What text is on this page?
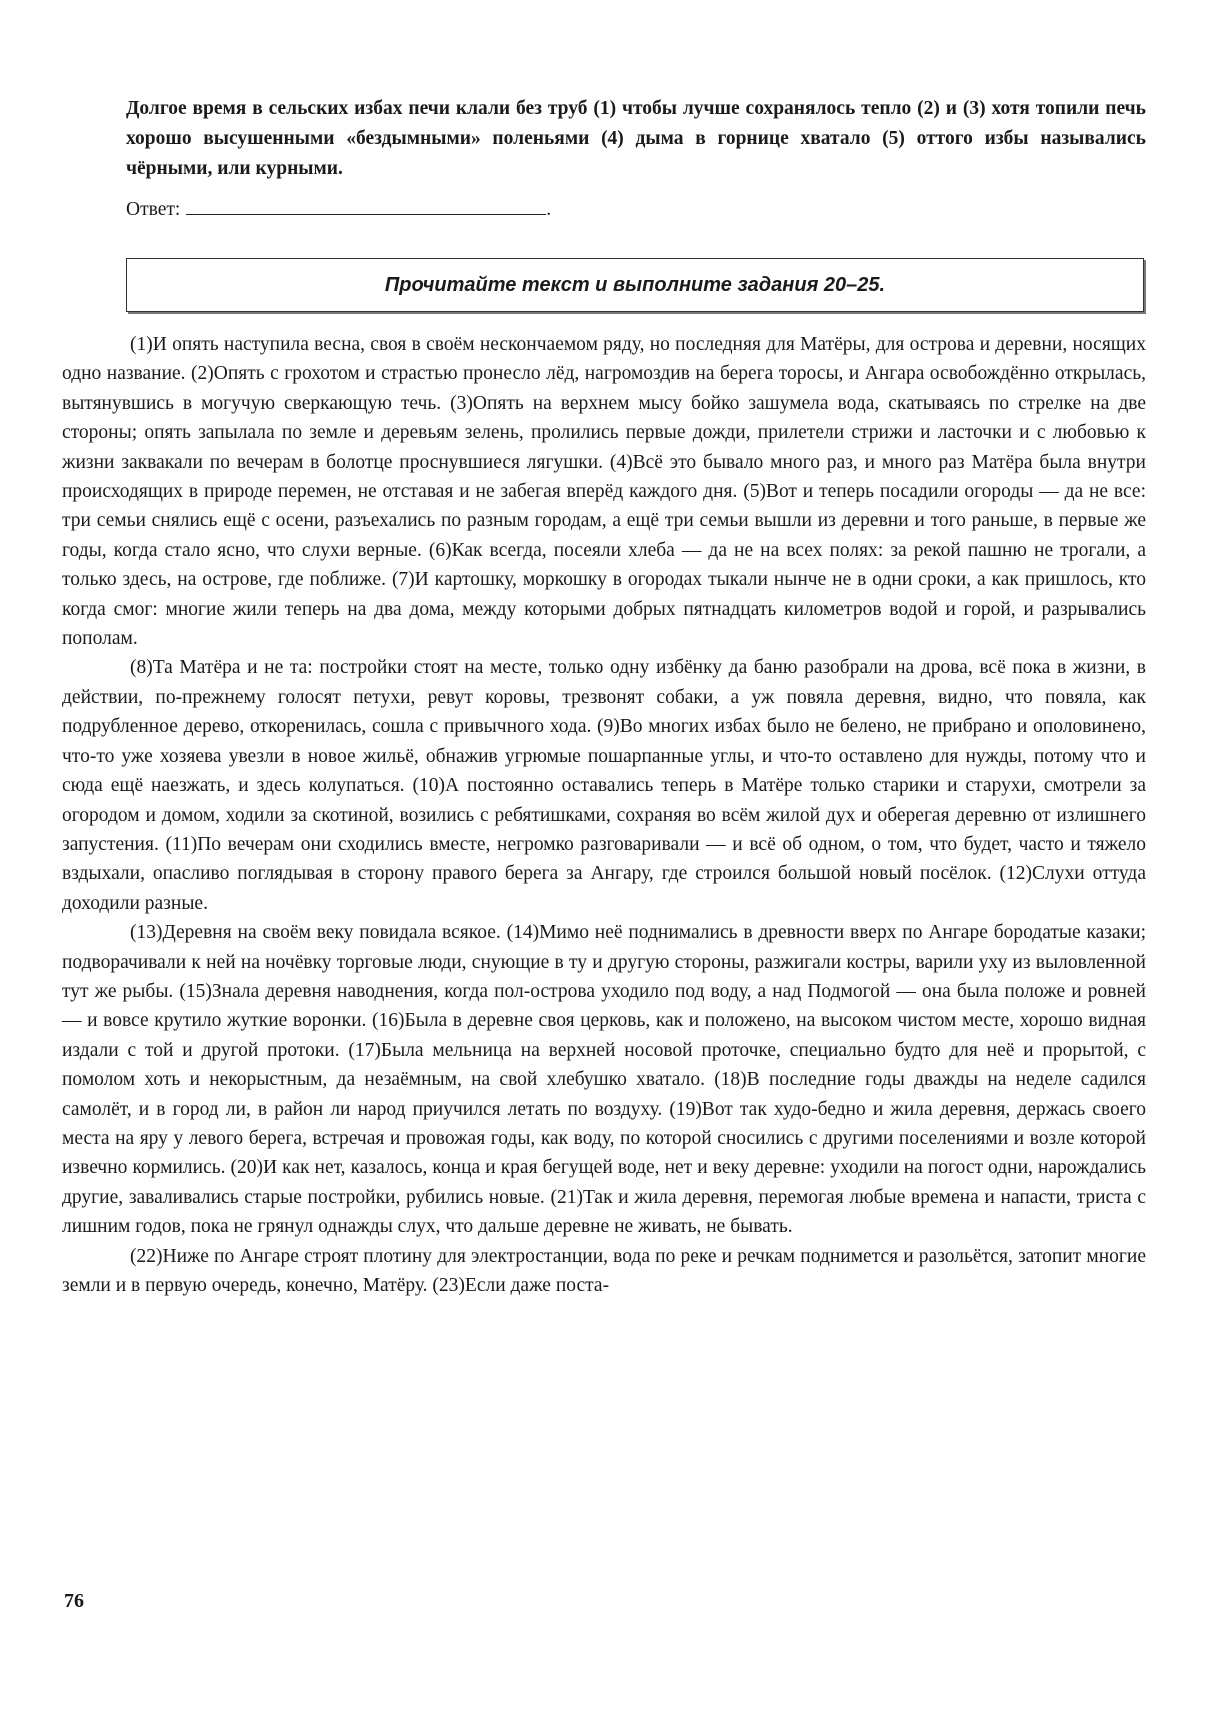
Долгое время в сельских избах печи клали без труб (1) чтобы лучше сохранялось тепло (2) и (3) хотя топили печь хорошо высушенными «бездымными» поленьями (4) дыма в горнице хватало (5) оттого избы назывались чёрными, или курными.
Ответ:	.
Прочитайте текст и выполните задания 20–25.

(1)И опять наступила весна, своя в своём нескончаемом ряду, но последняя для Матёры, для острова и деревни, носящих одно название. (2)Опять с грохотом и страстью пронесло лёд, нагромоздив на берега торосы, и Ангара освобождённо открылась, вытянувшись в могучую сверкающую течь. (3)Опять на верхнем мысу бойко зашумела вода, скатываясь по стрелке на две стороны; опять запылала по земле и деревьям зелень, пролились первые дожди, прилетели стрижи и ласточки и с любовью к жизни заквакали по вечерам в болотце проснувшиеся лягушки. (4)Всё это бывало много раз, и много раз Матёра была внутри происходящих в природе перемен, не отставая и не забегая вперёд каждого дня. (5)Вот и теперь посадили огороды — да не все: три семьи снялись ещё с осени, разъехались по разным городам, а ещё три семьи вышли из деревни и того раньше, в первые же годы, когда стало ясно, что слухи верные. (6)Как всегда, посеяли хлеба — да не на всех полях: за рекой пашню не трогали, а только здесь, на острове, где поближе. (7)И картошку, моркошку в огородах тыкали нынче не в одни сроки, а как пришлось, кто когда смог: многие жили теперь на два дома, между которыми добрых пятнадцать километров водой и горой, и разрывались пополам.

(8)Та Матёра и не та: постройки стоят на месте, только одну избёнку да баню разобрали на дрова, всё пока в жизни, в действии, по-прежнему голосят петухи, ревут коровы, трезвонят собаки, а уж повяла деревня, видно, что повяла, как подрубленное дерево, откоренилась, сошла с привычного хода. (9)Во многих избах было не белено, не прибрано и ополовинено, что-то уже хозяева увезли в новое жильё, обнажив угрюмые пошарпанные углы, и что-то оставлено для нужды, потому что и сюда ещё наезжать, и здесь колупаться. (10)А постоянно оставались теперь в Матёре только старики и старухи, смотрели за огородом и домом, ходили за скотиной, возились с ребятишками, сохраняя во всём жилой дух и оберегая деревню от излишнего запустения. (11)По вечерам они сходились вместе, негромко разговаривали — и всё об одном, о том, что будет, часто и тяжело вздыхали, опасливо поглядывая в сторону правого берега за Ангару, где строился большой новый посёлок. (12)Слухи оттуда доходили разные.

(13)Деревня на своём веку повидала всякое. (14)Мимо неё поднимались в древности вверх по Ангаре бородатые казаки; подворачивали к ней на ночёвку торговые люди, снующие в ту и другую стороны, разжигали костры, варили уху из выловленной тут же рыбы. (15)Знала деревня наводнения, когда пол-острова уходило под воду, а над Подмогой — она была положе и ровней — и вовсе крутило жуткие воронки. (16)Была в деревне своя церковь, как и положено, на высоком чистом месте, хорошо видная издали с той и другой протоки. (17)Была мельница на верхней носовой проточке, специально будто для неё и прорытой, с помолом хоть и некорыстным, да незаёмным, на свой хлебушко хватало. (18)В последние годы дважды на неделе садился самолёт, и в город ли, в район ли народ приучился летать по воздуху. (19)Вот так худо-бедно и жила деревня, держась своего места на яру у левого берега, встречая и провожая годы, как воду, по которой сносились с другими поселениями и возле которой извечно кормились. (20)И как нет, казалось, конца и края бегущей воде, нет и веку деревне: уходили на погост одни, нарождались другие, заваливались старые постройки, рубились новые. (21)Так и жила деревня, перемогая любые времена и напасти, триста с лишним годов, пока не грянул однажды слух, что дальше деревне не живать, не бывать.

(22)Ниже по Ангаре строят плотину для электростанции, вода по реке и речкам поднимется и разольётся, затопит многие земли и в первую очередь, конечно, Матёру. (23)Если даже поста-

76
